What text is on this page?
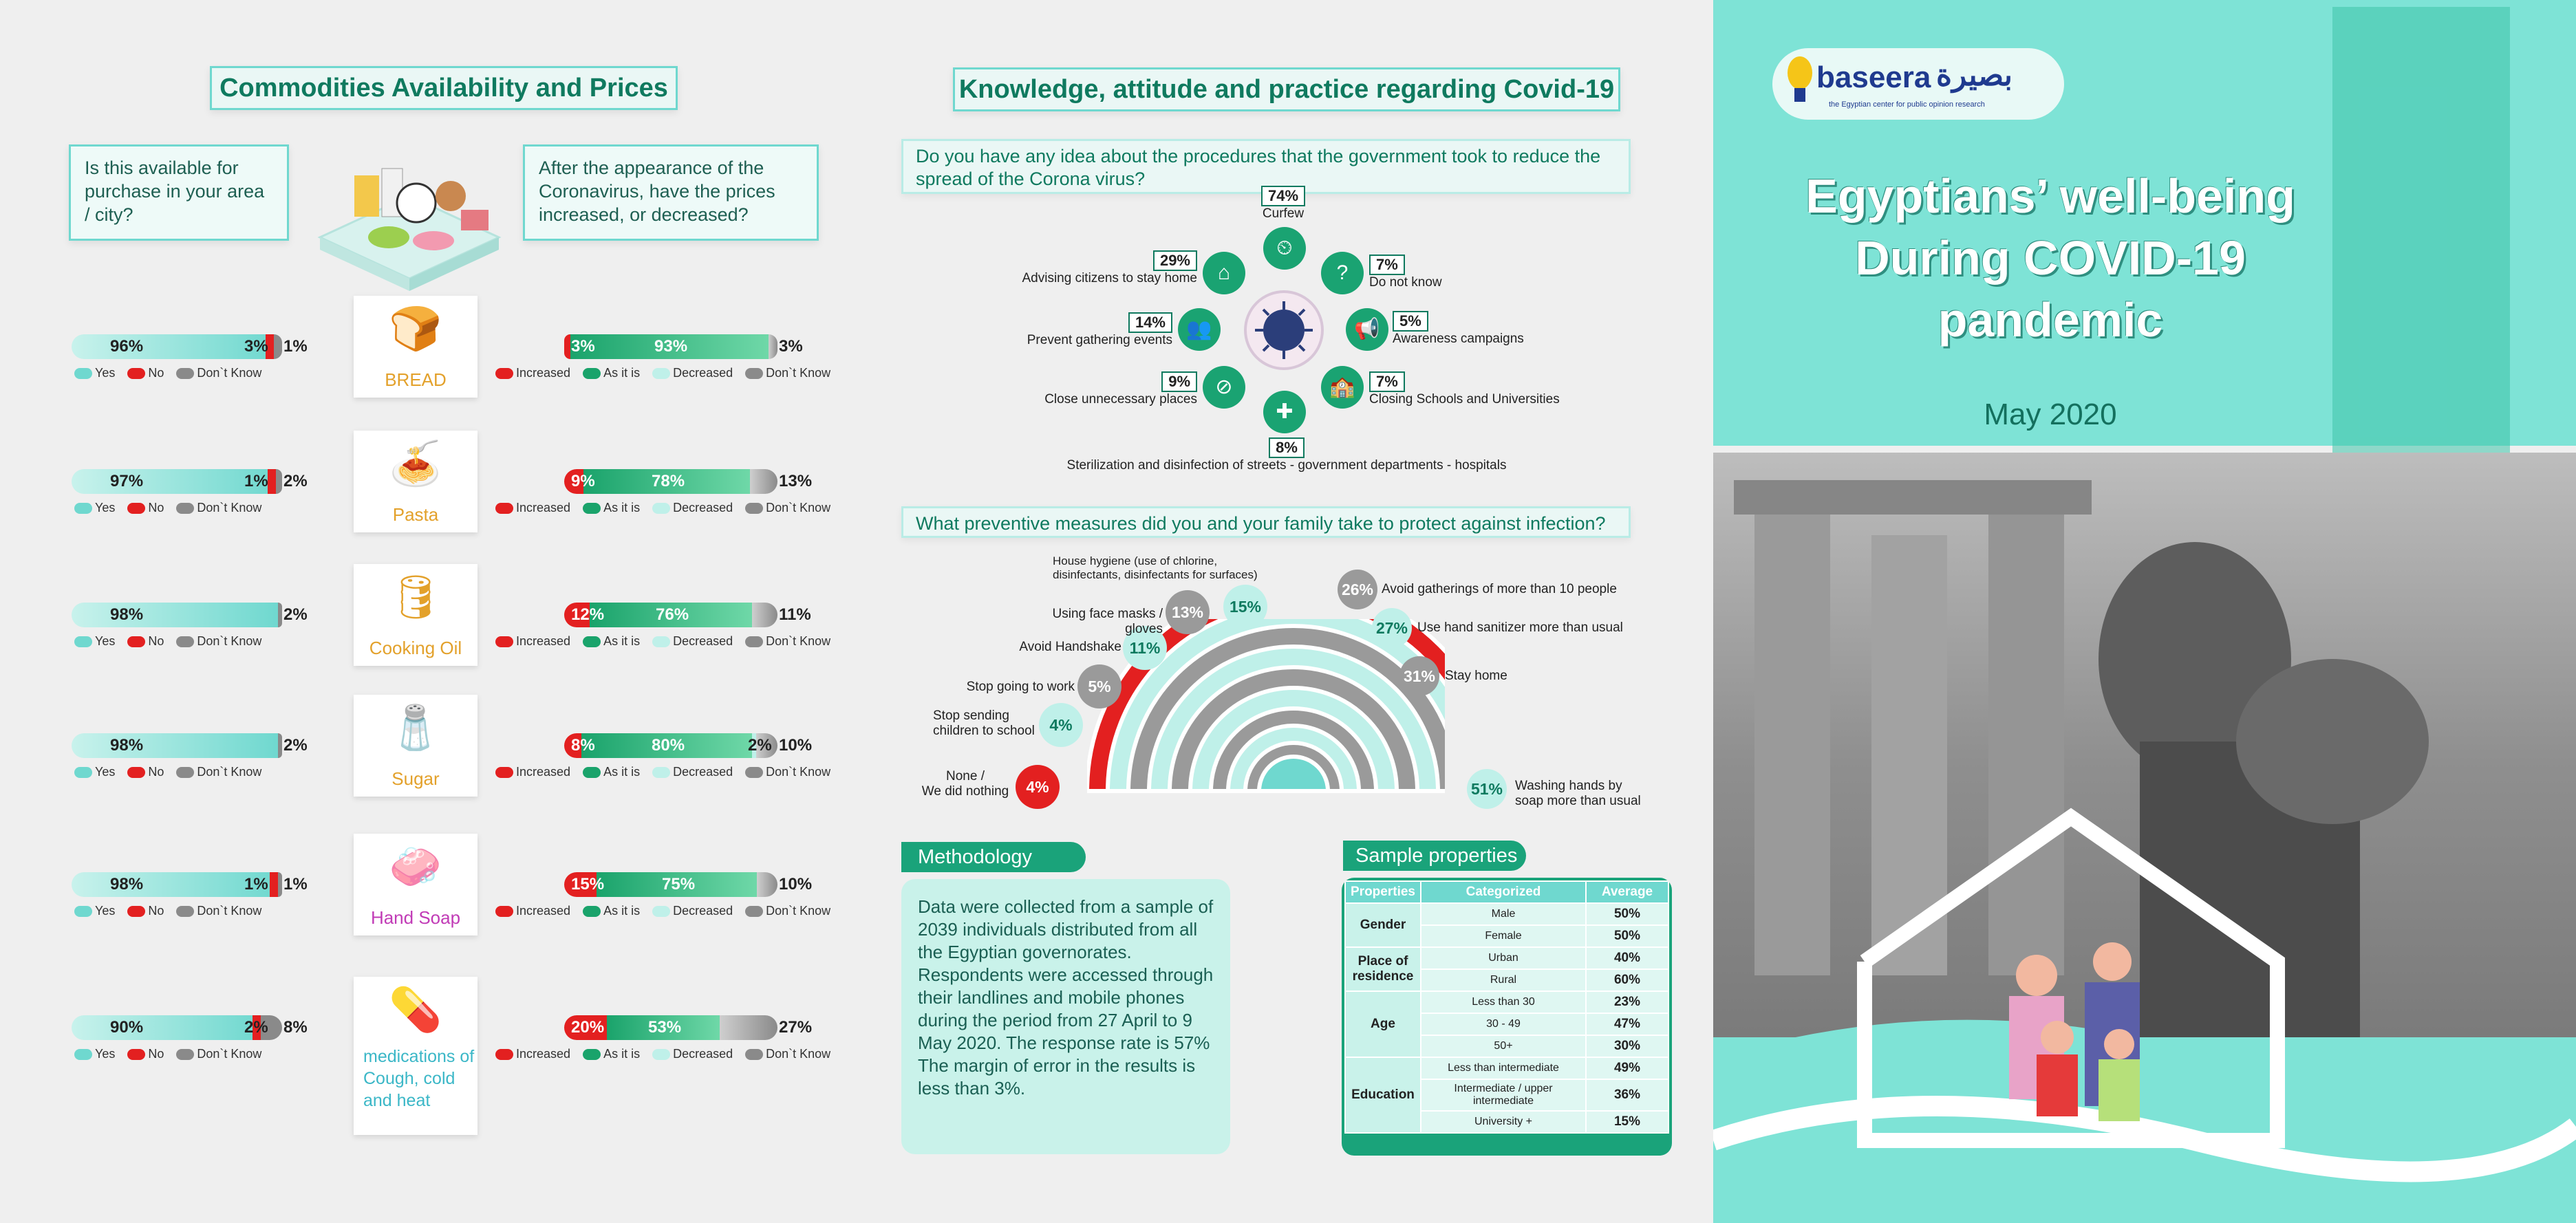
Commodities Availability and Prices
Is this available for purchase in your area / city?
After the appearance of the Coronavirus, have the prices increased, or decreased?
96%	3% 1%
Yes	No	Don`t Know
🍞
BREAD
3%	93%	3%
Increased	As it is	Decreased	Don`t Know
97%	1% 2%
Yes	No	Don`t Know
🍝
Pasta
9%	78%	13%
Increased	As it is	Decreased	Don`t Know
98%	2%
Yes	No	Don`t Know
🛢
Cooking Oil
12%	76%	11%
Increased	As it is	Decreased	Don`t Know
98%	2%
Yes	No	Don`t Know
🧂
Sugar
8%	80%	2% 10%
Increased	As it is	Decreased	Don`t Know
98%	1% 1%
Yes	No	Don`t Know
🧼
Hand Soap
15%	75%	10%
Increased	As it is	Decreased	Don`t Know
90%	2% 8%
Yes	No	Don`t Know
💊
medications of Cough, cold and heat
20%	53%	27%
Increased	As it is	Decreased	Don`t Know
Knowledge, attitude and practice regarding Covid-19
Do you have any idea about the procedures that the government took to reduce the spread of the Corona virus?
⏲
?
📢
🏫
✚
⊘
👥
⌂
74%
Curfew
7%
Do not know
5%
Awareness campaigns
7%
Closing Schools and Universities
8%
Sterilization and disinfection of streets - government departments - hospitals
9%
Close unnecessary places
14%
Prevent gathering events
29%
Advising citizens to stay home
What preventive measures did you and your family take to protect against infection?
4%
None /
We did nothing
4%
Stop sending children to school
5%
Stop going to work
11%
Avoid Handshake
13%
Using face masks / gloves
15%
House hygiene (use of chlorine, disinfectants, disinfectants for surfaces)
26% Avoid gatherings of more than 10 people
27% Use hand sanitizer more than usual
31% Stay home
51% Washing hands by soap more than usual
Methodology
Data were collected from a sample of 2039 individuals distributed from all the Egyptian governorates. Respondents were accessed through their landlines and mobile phones during the period from 27 April to 9 May 2020. The response rate is 57% The margin of error in the results is less than 3%.
Sample properties
Properties	Categorized	Average
Gender	Male	50%
	Female	50%
Place of residence	Urban	40%
	Rural	60%
Age	Less than 30	23%
	30 - 49	47%
	50+	30%
Education	Less than intermediate	49%
	Intermediate / upper intermediate	36%
	University +	15%
baseera بصيرة
the Egyptian center for public opinion research
Egyptians’ well-being During COVID-19 pandemic
May 2020
